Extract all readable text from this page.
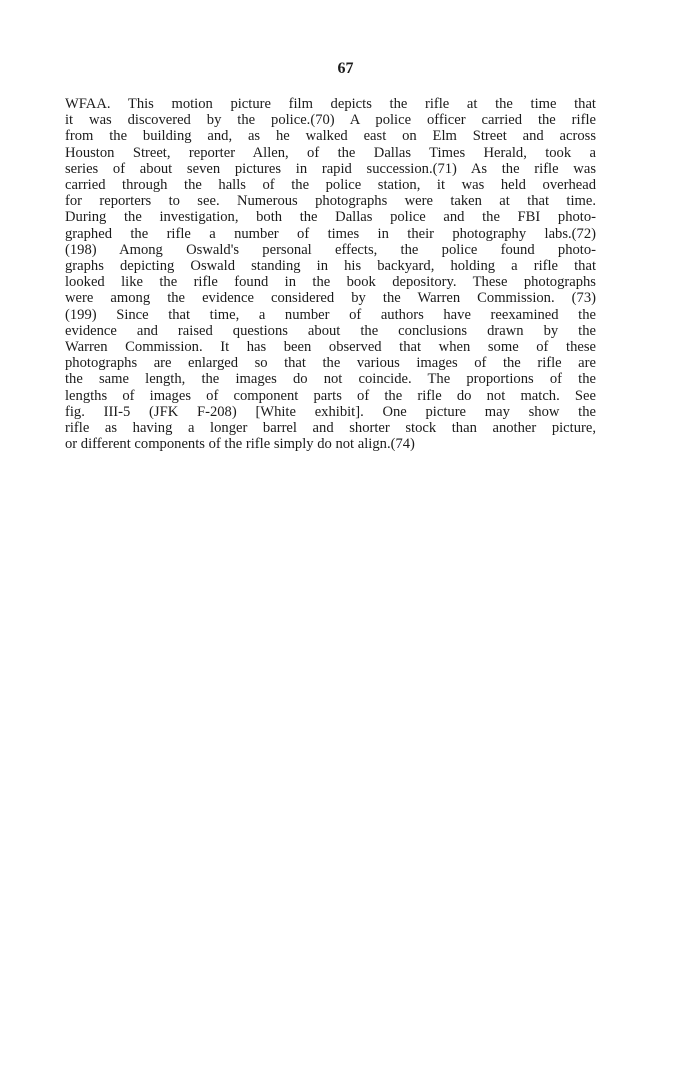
67

WFAA. This motion picture film depicts the rifle at the time that
it was discovered by the police.(70) A police officer carried the rifle
from the building and, as he walked east on Elm Street and across
Houston Street, reporter Allen, of the Dallas Times Herald, took a
series of about seven pictures in rapid succession.(71) As the rifle was
carried through the halls of the police station, it was held overhead
for reporters to see. Numerous photographs were taken at that time.
During the investigation, both the Dallas police and the FBI photo-
graphed the rifle a number of times in their photography labs.(72)
(198) Among Oswald's personal effects, the police found photo-
graphs depicting Oswald standing in his backyard, holding a rifle that
looked like the rifle found in the book depository. These photographs
were among the evidence considered by the Warren Commission. (73)
(199) Since that time, a number of authors have reexamined the
evidence and raised questions about the conclusions drawn by the
Warren Commission. It has been observed that when some of these
photographs are enlarged so that the various images of the rifle are
the same length, the images do not coincide. The proportions of the
lengths of images of component parts of the rifle do not match. See
fig. III-5 (JFK F-208) [White exhibit]. One picture may show the
rifle as having a longer barrel and shorter stock than another picture,
or different components of the rifle simply do not align.(74)
